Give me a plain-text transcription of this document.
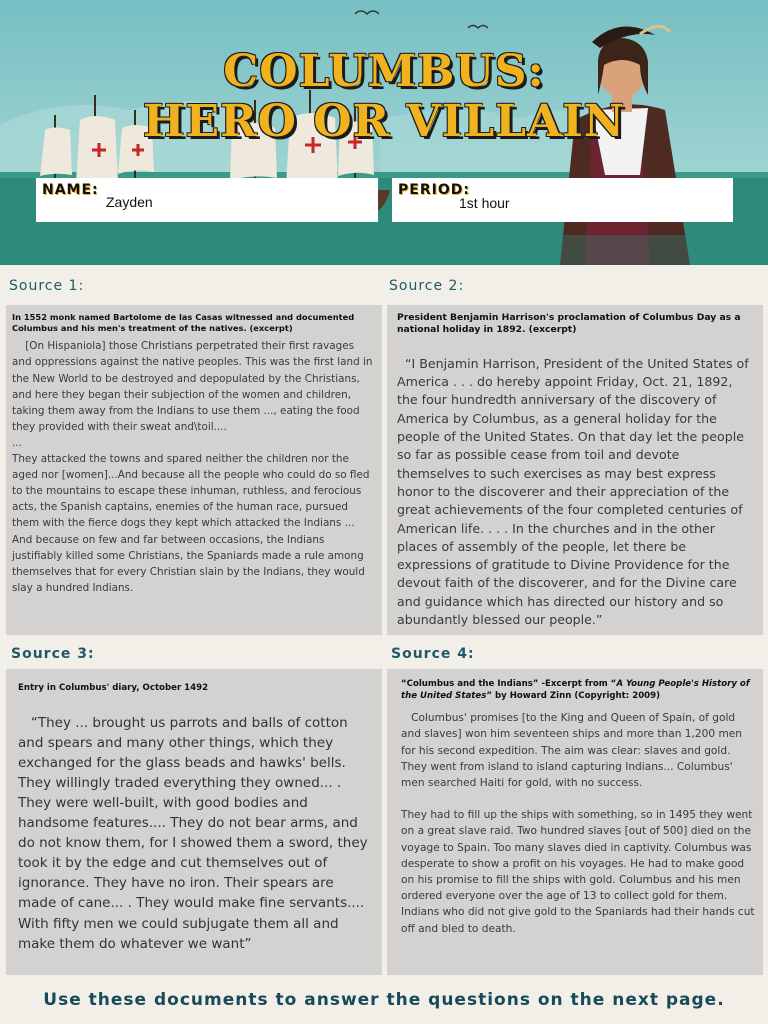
COLUMBUS:
HERO OR VILLAIN
NAME:
Zayden
PERIOD:
1st hour
Source 1:
In 1552 monk named Bartolome de las Casas witnessed and documented Columbus and his men's treatment of the natives. (excerpt)

[On Hispaniola] those Christians perpetrated their first ravages and oppressions against the native peoples. This was the first land in the New World to be destroyed and depopulated by the Christians, and here they began their subjection of the women and children, taking them away from the Indians to use them ..., eating the food they provided with their sweat and\toil....

...

They attacked the towns and spared neither the children nor the aged nor [women]...And because all the people who could do so fled to the mountains to escape these inhuman, ruthless, and ferocious acts, the Spanish captains, enemies of the human race, pursued them with the fierce dogs they kept which attacked the Indians ... And because on few and far between occasions, the Indians justifiably killed some Christians, the Spaniards made a rule among themselves that for every Christian slain by the Indians, they would slay a hundred Indians.

Source 2:
President Benjamin Harrison's proclamation of Columbus Day as a national holiday in 1892. (excerpt)

“I Benjamin Harrison, President of the United States of America . . . do hereby appoint Friday, Oct. 21, 1892, the four hundredth anniversary of the discovery of America by Columbus, as a general holiday for the people of the United States. On that day let the people so far as possible cease from toil and devote themselves to such exercises as may best express honor to the discoverer and their appreciation of the great achievements of the four completed centuries of American life. . . . In the churches and in the other places of assembly of the people, let there be expressions of gratitude to Divine Providence for the devout faith of the discoverer, and for the Divine care and guidance which has directed our history and so abundantly blessed our people.”

Source 3:
Entry in Columbus' diary, October 1492

“They ... brought us parrots and balls of cotton and spears and many other things, which they exchanged for the glass beads and hawks' bells. They willingly traded everything they owned... . They were well-built, with good bodies and handsome features.... They do not bear arms, and do not know them, for I showed them a sword, they took it by the edge and cut themselves out of ignorance. They have no iron. Their spears are made of cane... . They would make fine servants.... With fifty men we could subjugate them all and make them do whatever we want”

Source 4:
“Columbus and the Indians” -Excerpt from “A Young People's History of the United States” by Howard Zinn (Copyright: 2009)

Columbus' promises [to the King and Queen of Spain, of gold and slaves] won him seventeen ships and more than 1,200 men for his second expedition. The aim was clear: slaves and gold. They went from island to island capturing Indians... Columbus' men searched Haiti for gold, with no success.

They had to fill up the ships with something, so in 1495 they went on a great slave raid. Two hundred slaves [out of 500] died on the voyage to Spain. Too many slaves died in captivity. Columbus was desperate to show a profit on his voyages. He had to make good on his promise to fill the ships with gold. Columbus and his men ordered everyone over the age of 13 to collect gold for them. Indians who did not give gold to the Spaniards had their hands cut off and bled to death.

Use these documents to answer the questions on the next page.
